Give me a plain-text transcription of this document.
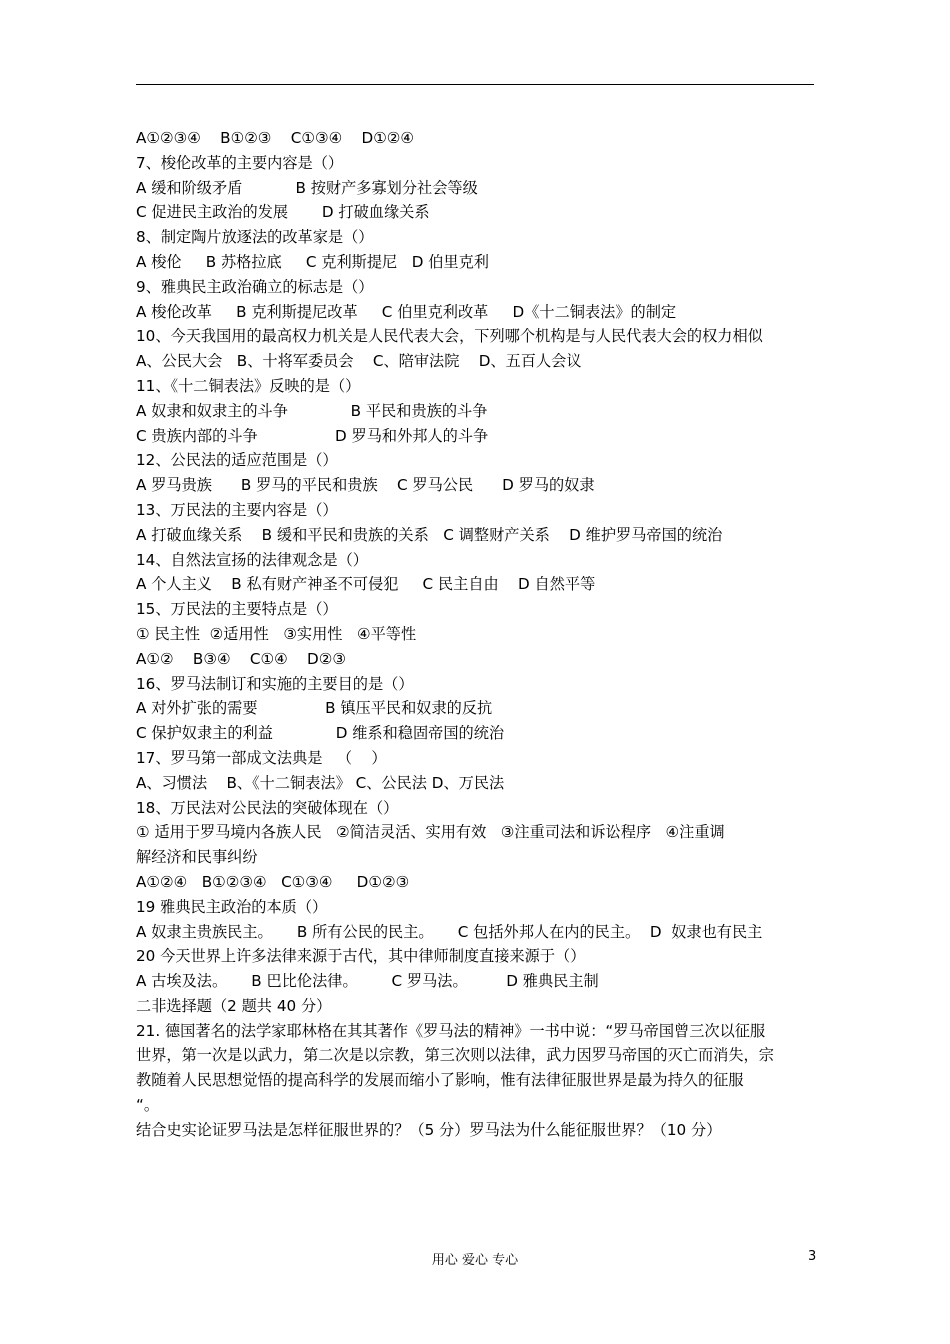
A①②③④    B①②③    C①③④    D①②④
7、梭伦改革的主要内容是（）
A 缓和阶级矛盾           B 按财产多寡划分社会等级
C 促进民主政治的发展       D 打破血缘关系
8、制定陶片放逐法的改革家是（）
A 梭伦     B 苏格拉底     C 克利斯提尼   D 伯里克利
9、雅典民主政治确立的标志是（）
A 梭伦改革     B 克利斯提尼改革     C 伯里克利改革     D《十二铜表法》的制定
10、今天我国用的最高权力机关是人民代表大会，下列哪个机构是与人民代表大会的权力相似
A、公民大会   B、十将军委员会    C、陪审法院    D、五百人会议
11、《十二铜表法》反映的是（）
A 奴隶和奴隶主的斗争             B 平民和贵族的斗争
C 贵族内部的斗争                D 罗马和外邦人的斗争
12、公民法的适应范围是（）
A 罗马贵族      B 罗马的平民和贵族    C 罗马公民      D 罗马的奴隶
13、万民法的主要内容是（）
A 打破血缘关系    B 缓和平民和贵族的关系   C 调整财产关系    D 维护罗马帝国的统治
14、自然法宣扬的法律观念是（）
A 个人主义    B 私有财产神圣不可侵犯     C 民主自由    D 自然平等
15、万民法的主要特点是（）
① 民主性  ②适用性   ③实用性   ④平等性
A①②    B③④    C①④    D②③
16、罗马法制订和实施的主要目的是（）
A 对外扩张的需要              B 镇压平民和奴隶的反抗
C 保护奴隶主的利益             D 维系和稳固帝国的统治
17、罗马第一部成文法典是   （    ）
A、习惯法    B、《十二铜表法》 C、公民法 D、万民法
18、万民法对公民法的突破体现在（）
① 适用于罗马境内各族人民   ②简洁灵活、实用有效   ③注重司法和诉讼程序   ④注重调
解经济和民事纠纷
A①②④   B①②③④   C①③④     D①②③
19 雅典民主政治的本质（）
A 奴隶主贵族民主。     B 所有公民的民主。     C 包括外邦人在内的民主。  D  奴隶也有民主
20 今天世界上许多法律来源于古代，其中律师制度直接来源于（）
A 古埃及法。     B 巴比伦法律。       C 罗马法。        D 雅典民主制
二非选择题（2 题共 40 分）
21. 德国著名的法学家耶林格在其其著作《罗马法的精神》一书中说：“罗马帝国曾三次以征服
世界，第一次是以武力，第二次是以宗教，第三次则以法律，武力因罗马帝国的灭亡而消失，宗
教随着人民思想觉悟的提高科学的发展而缩小了影响，惟有法律征服世界是最为持久的征服
“。
结合史实论证罗马法是怎样征服世界的？（5 分）罗马法为什么能征服世界？（10 分）
用心 爱心 专心	3
